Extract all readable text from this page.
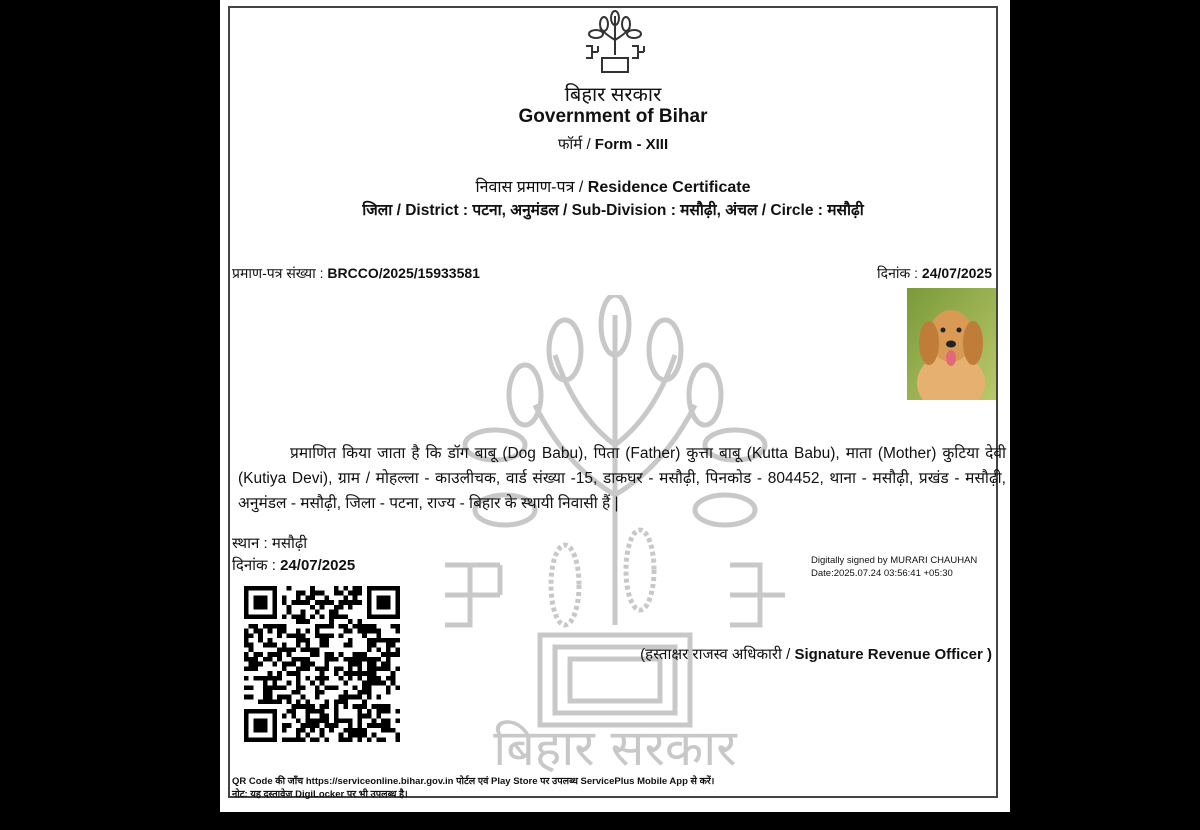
बिहार सरकार
बिहार सरकार
Government of Bihar
फॉर्म / Form - XIII
निवास प्रमाण-पत्र / Residence Certificate
जिला / District : पटना, अनुमंडल / Sub-Division : मसौढ़ी, अंचल / Circle : मसौढ़ी
प्रमाण-पत्र संख्या : BRCCO/2025/15933581	दिनांक : 24/07/2025
प्रमाणित किया जाता है कि डॉग बाबू (Dog Babu), पिता (Father) कुत्ता बाबू (Kutta Babu), माता (Mother) कुटिया देवी (Kutiya Devi), ग्राम / मोहल्ला - काउलीचक, वार्ड संख्या -15, डाकघर - मसौढ़ी, पिनकोड - 804452, थाना - मसौढ़ी, प्रखंड - मसौढ़ी, अनुमंडल - मसौढ़ी, जिला - पटना, राज्य - बिहार के स्थायी निवासी हैं |
स्थान : मसौढ़ी
दिनांक : 24/07/2025	Digitally signed by MURARI CHAUHAN
Date:2025.07.24 03:56:41 +05:30
(हस्ताक्षर राजस्व अधिकारी / Signature Revenue Officer )
QR Code की जाँच https://serviceonline.bihar.gov.in पोर्टल एवं Play Store पर उपलब्ध ServicePlus Mobile App से करें।
नोट: यह दस्तावेज DigiLocker पर भी उपलब्ध है।
